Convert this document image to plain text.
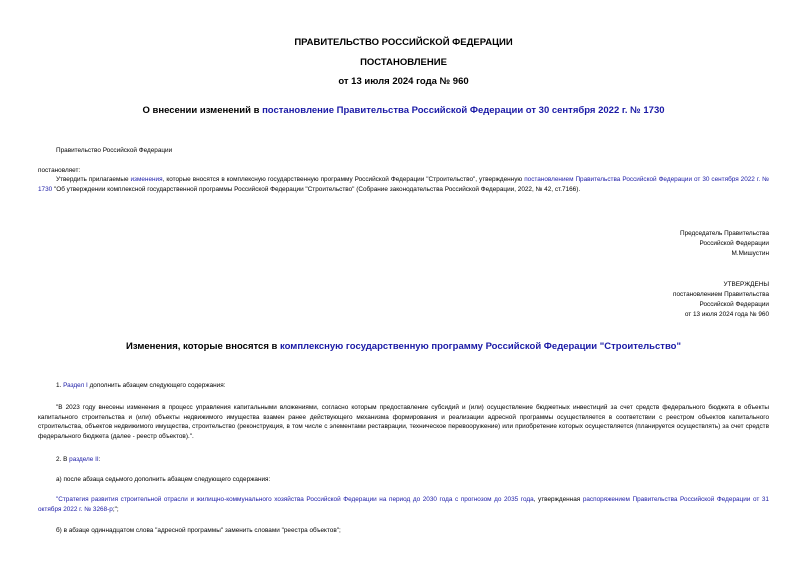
ПРАВИТЕЛЬСТВО РОССИЙСКОЙ ФЕДЕРАЦИИ
ПОСТАНОВЛЕНИЕ
от 13 июля 2024 года № 960
О внесении изменений в постановление Правительства Российской Федерации от 30 сентября 2022 г. № 1730
Правительство Российской Федерации
постановляет:
Утвердить прилагаемые изменения, которые вносятся в комплексную государственную программу Российской Федерации "Строительство", утвержденную постановлением Правительства Российской Федерации от 30 сентября 2022 г. № 1730 "Об утверждении комплексной государственной программы Российской Федерации "Строительство" (Собрание законодательства Российской Федерации, 2022, № 42, ст.7166).
Председатель Правительства
Российской Федерации
М.Мишустин
УТВЕРЖДЕНЫ
постановлением Правительства
Российской Федерации
от 13 июля 2024 года № 960
Изменения, которые вносятся в комплексную государственную программу Российской Федерации "Строительство"
1. Раздел I дополнить абзацем следующего содержания:
"В 2023 году внесены изменения в процесс управления капитальными вложениями, согласно которым предоставление субсидий и (или) осуществление бюджетных инвестиций за счет средств федерального бюджета в объекты капитального строительства и (или) объекты недвижимого имущества взамен ранее действующего механизма формирования и реализации адресной программы осуществляется в соответствии с реестром объектов капитального строительства, объектов недвижимого имущества, строительство (реконструкция, в том числе с элементами реставрации, техническое перевооружение) или приобретение которых осуществляется (планируется осуществлять) за счет средств федерального бюджета (далее - реестр объектов).".
2. В разделе II:
а) после абзаца седьмого дополнить абзацем следующего содержания:
"Стратегия развития строительной отрасли и жилищно-коммунального хозяйства Российской Федерации на период до 2030 года с прогнозом до 2035 года, утвержденная распоряжением Правительства Российской Федерации от 31 октября 2022 г. № 3268-р;";
б) в абзаце одиннадцатом слова "адресной программы" заменить словами "реестра объектов";
